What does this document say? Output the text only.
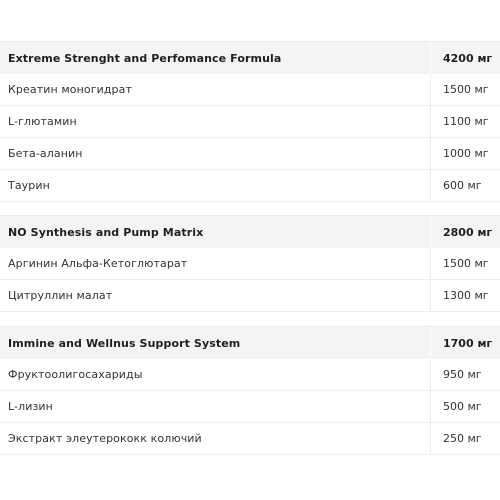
Extreme Strenght and Perfomance Formula	4200 мг
Креатин моногидрат	1500 мг
L-глютамин	1100 мг
Бета-аланин	1000 мг
Таурин	600 мг
NO Synthesis and Pump Matrix	2800 мг
Аргинин Альфа-Кетоглютарат	1500 мг
Цитруллин малат	1300 мг
Immine and Wellnus Support System	1700 мг
Фруктоолигосахариды	950 мг
L-лизин	500 мг
Экстракт элеутерококк колючий	250 мг
